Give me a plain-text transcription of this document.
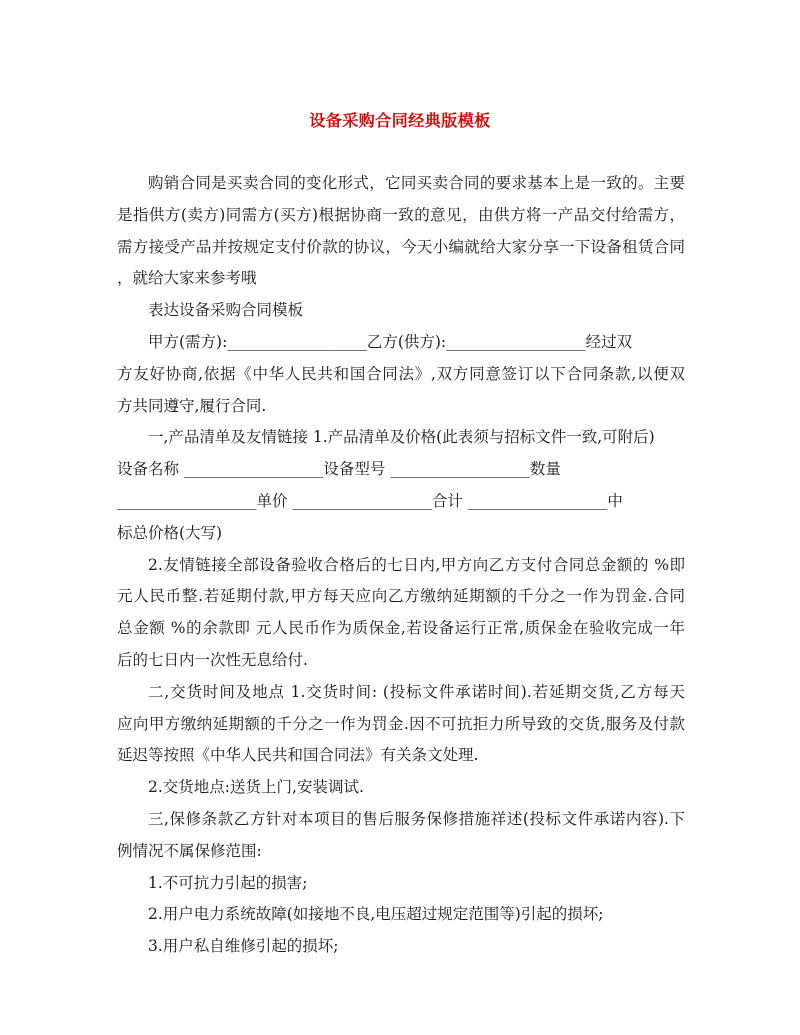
设备采购合同经典版模板
购销合同是买卖合同的变化形式，它同买卖合同的要求基本上是一致的。主要
是指供方(卖方)同需方(买方)根据协商一致的意见，由供方将一产品交付给需方，
需方接受产品并按规定支付价款的协议，今天小编就给大家分享一下设备租赁合同
，就给大家来参考哦
表达设备采购合同模板
甲方(需方):__________________乙方(供方):__________________经过双
方友好协商,依据《中华人民共和国合同法》,双方同意签订以下合同条款,以便双
方共同遵守,履行合同.
一,产品清单及友情链接 1.产品清单及价格(此表须与招标文件一致,可附后)
设备名称 __________________设备型号 __________________数量
__________________单价 __________________合计 __________________中
标总价格(大写)
2.友情链接全部设备验收合格后的七日内,甲方向乙方支付合同总金额的 %即
元人民币整.若延期付款,甲方每天应向乙方缴纳延期额的千分之一作为罚金.合同
总金额 %的余款即 元人民币作为质保金,若设备运行正常,质保金在验收完成一年
后的七日内一次性无息给付.
二,交货时间及地点 1.交货时间: (投标文件承诺时间).若延期交货,乙方每天
应向甲方缴纳延期额的千分之一作为罚金.因不可抗拒力所导致的交货,服务及付款
延迟等按照《中华人民共和国合同法》有关条文处理.
2.交货地点:送货上门,安装调试.
三,保修条款乙方针对本项目的售后服务保修措施祥述(投标文件承诺内容).下
例情况不属保修范围:
1.不可抗力引起的损害;
2.用户电力系统故障(如接地不良,电压超过规定范围等)引起的损坏;
3.用户私自维修引起的损坏;
